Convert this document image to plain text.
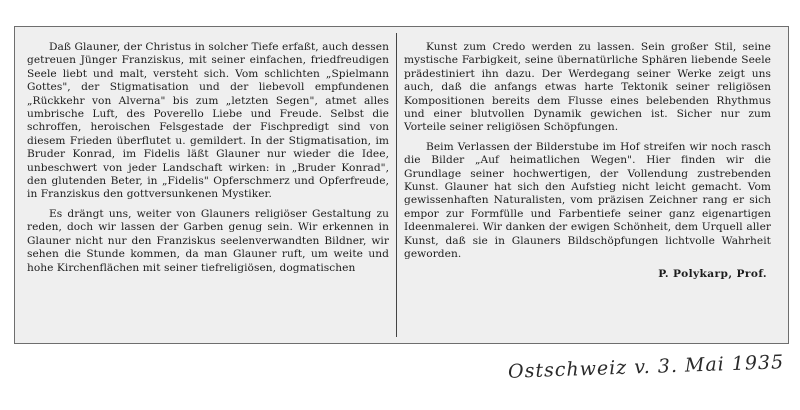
Daß Glauner, der Christus in solcher Tiefe erfaßt, auch dessen getreuen Jünger Franziskus, mit seiner einfachen, friedfreudigen Seele liebt und malt, versteht sich. Vom schlichten „Spielmann Gottes", der Stigmatisation und der liebevoll empfundenen „Rückkehr von Alverna" bis zum „letzten Segen", atmet alles umbrische Luft, des Poverello Liebe und Freude. Selbst die schroffen, heroischen Felsgestade der Fischpredigt sind von diesem Frieden überflutet u. gemildert. In der Stigmatisation, im Bruder Konrad, im Fidelis läßt Glauner nur wieder die Idee, unbeschwert von jeder Landschaft wirken: in „Bruder Konrad", den glutenden Beter, in „Fidelis" Opferschmerz und Opferfreude, in Franziskus den gottversunkenen Mystiker.

Es drängt uns, weiter von Glauners religiöser Gestaltung zu reden, doch wir lassen der Garben genug sein. Wir erkennen in Glauner nicht nur den Franziskus seelenverwandten Bildner, wir sehen die Stunde kommen, da man Glauner ruft, um weite und hohe Kirchenflächen mit seiner tiefreligiösen, dogmatischen

Kunst zum Credo werden zu lassen. Sein großer Stil, seine mystische Farbigkeit, seine übernatürliche Sphären liebende Seele prädestiniert ihn dazu. Der Werdegang seiner Werke zeigt uns auch, daß die anfangs etwas harte Tektonik seiner religiösen Kompositionen bereits dem Flusse eines belebenden Rhythmus und einer blutvollen Dynamik gewichen ist. Sicher nur zum Vorteile seiner religiösen Schöpfungen.

Beim Verlassen der Bilderstube im Hof streifen wir noch rasch die Bilder „Auf heimatlichen Wegen". Hier finden wir die Grundlage seiner hochwertigen, der Vollendung zustrebenden Kunst. Glauner hat sich den Aufstieg nicht leicht gemacht. Vom gewissenhaften Naturalisten, vom präzisen Zeichner rang er sich empor zur Formfülle und Farbentiefe seiner ganz eigenartigen Ideenmalerei. Wir danken der ewigen Schönheit, dem Urquell aller Kunst, daß sie in Glauners Bildschöpfungen lichtvolle Wahrheit geworden.

P. Polykarp, Prof.
Ostschweiz v. 3. Mai 1935
